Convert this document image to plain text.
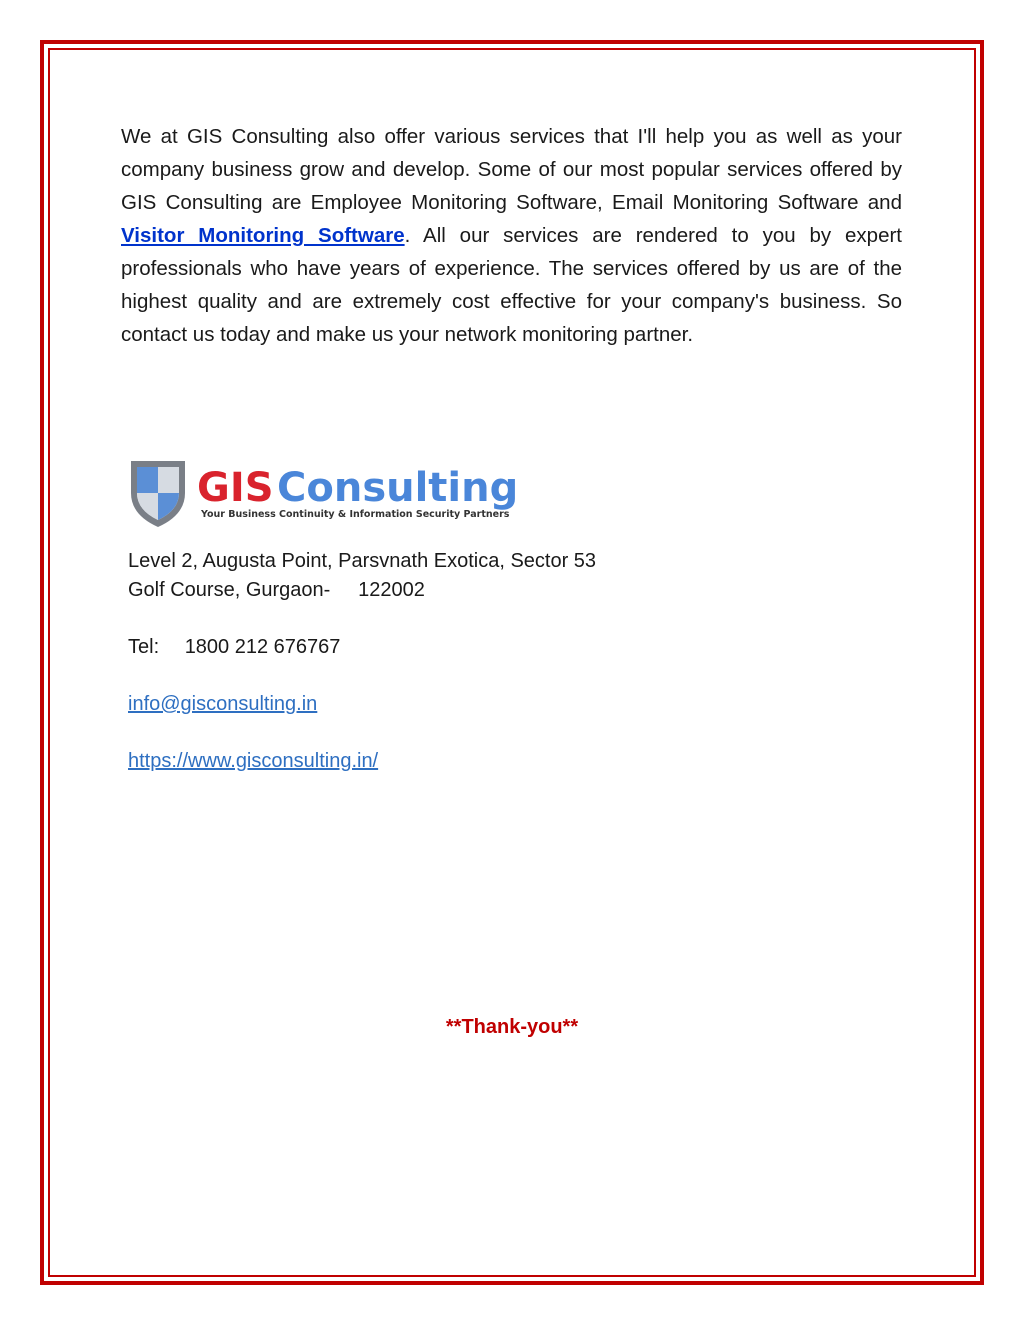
We at GIS Consulting also offer various services that I'll help you as well as your company business grow and develop. Some of our most popular services offered by GIS Consulting are Employee Monitoring Software, Email Monitoring Software and Visitor Monitoring Software. All our services are rendered to you by expert professionals who have years of experience. The services offered by us are of the highest quality and are extremely cost effective for your company's business. So contact us today and make us your network monitoring partner.

GIS Consulting
Your Business Continuity & Information Security Partners
Level 2, Augusta Point, Parsvnath Exotica, Sector 53
Golf Course, Gurgaon-     122002
Tel: 1800 212 676767
info@gisconsulting.in
https://www.gisconsulting.in/
**Thank-you**
